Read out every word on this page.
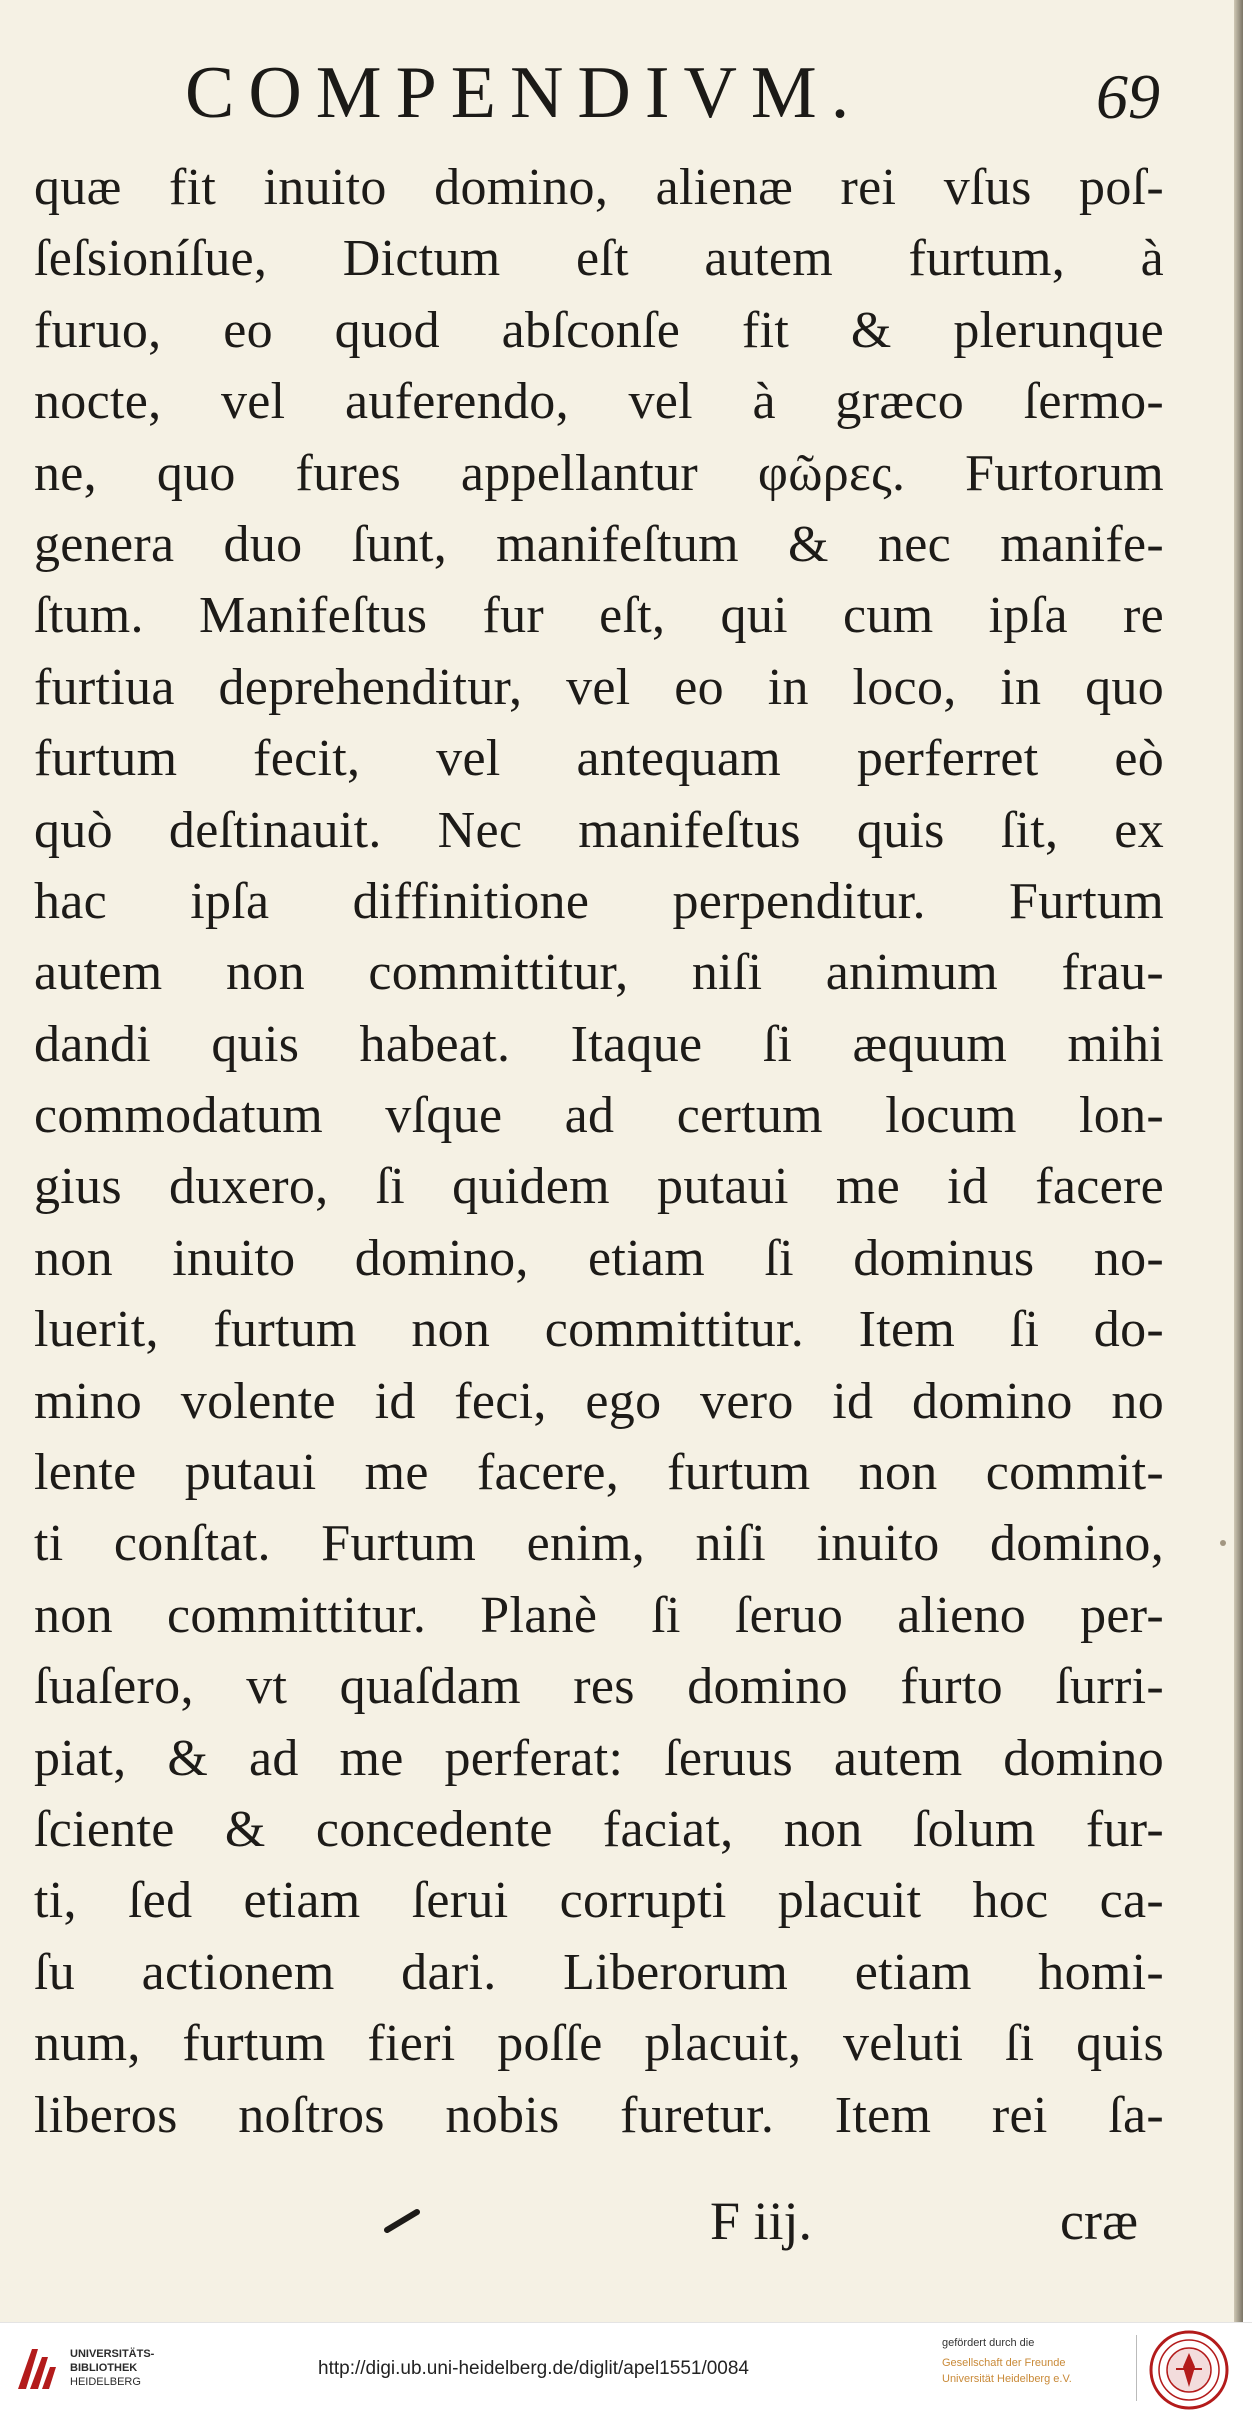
COMPENDIVM.	69
quæ fit inuito domino, alienæ rei vſus poſ-
ſeſsioníſue, Dictum eſt autem furtum, à
furuo, eo quod abſconſe fit & plerunque
nocte, vel auferendo, vel à græco ſermo-
ne, quo fures appellantur φῶρες. Furtorum
genera duo ſunt, manifeſtum & nec manife-
ſtum. Manifeſtus fur eſt, qui cum ipſa re
furtiua deprehenditur, vel eo in loco, in quo
furtum fecit, vel antequam perferret eò
quò deſtinauit. Nec manifeſtus quis ſit, ex
hac ipſa diffinitione perpenditur. Furtum
autem non committitur, niſi animum frau-
dandi quis habeat. Itaque ſi æquum mihi
commodatum vſque ad certum locum lon-
gius duxero, ſi quidem putaui me id facere
non inuito domino, etiam ſi dominus no-
luerit, furtum non committitur. Item ſi do-
mino volente id feci, ego vero id domino no
lente putaui me facere, furtum non commit-
ti conſtat. Furtum enim, niſi inuito domino,
non committitur. Planè ſi ſeruo alieno per-
ſuaſero, vt quaſdam res domino furto ſurri-
piat, & ad me perferat: ſeruus autem domino
ſciente & concedente faciat, non ſolum fur-
ti, ſed etiam ſerui corrupti placuit hoc ca-
ſu actionem dari. Liberorum etiam homi-
num, furtum fieri poſſe placuit, veluti ſi quis
liberos noſtros nobis furetur. Item rei ſa-
F iij.	cræ
UNIVERSITÄTS-
BIBLIOTHEK
HEIDELBERG
http://digi.ub.uni-heidelberg.de/diglit/apel1551/0084
gefördert durch die
Gesellschaft der Freunde
Universität Heidelberg e.V.
